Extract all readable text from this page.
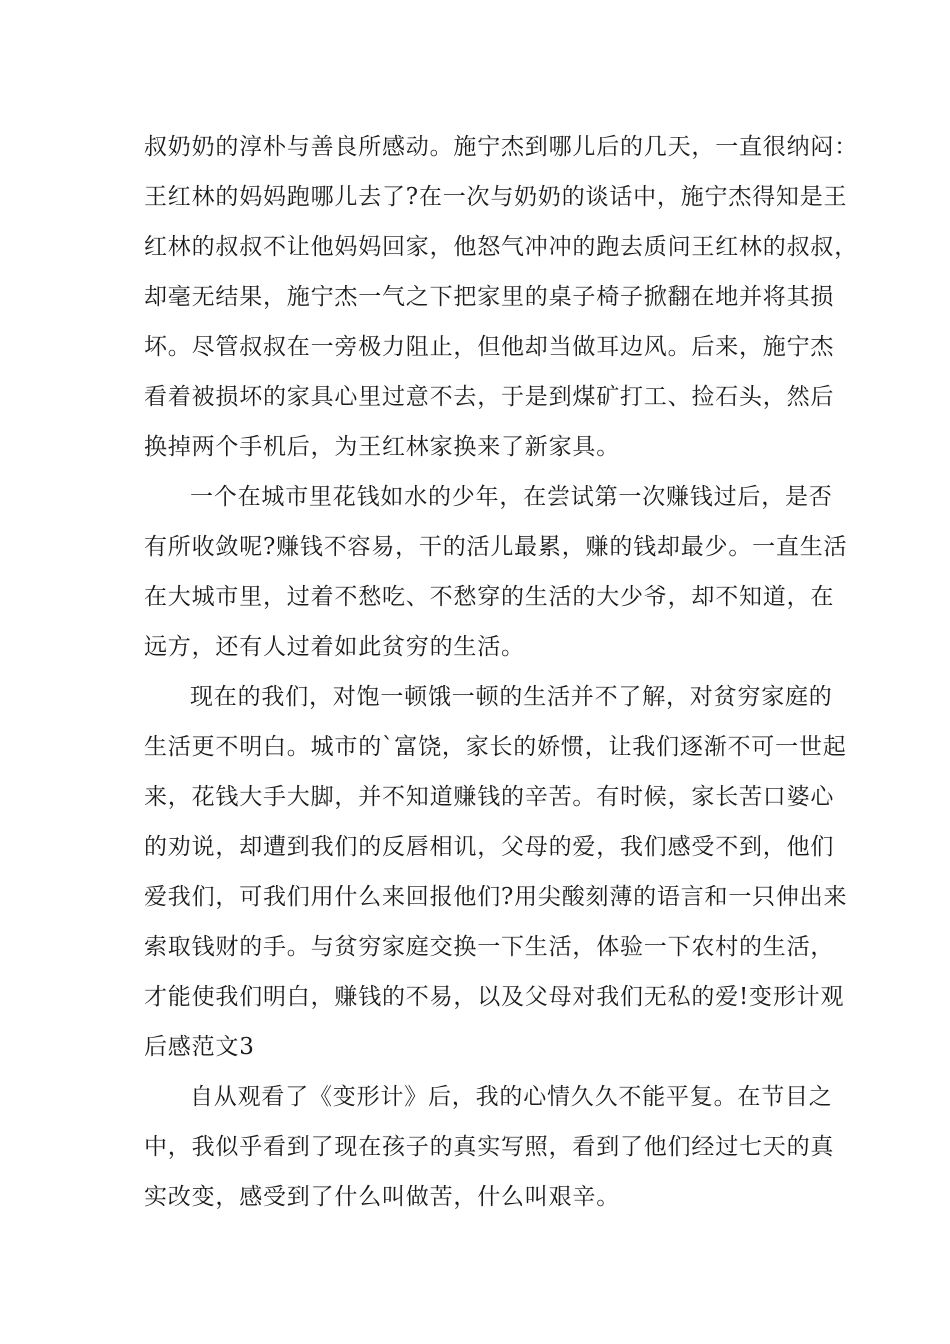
叔奶奶的淳朴与善良所感动。施宁杰到哪儿后的几天，一直很纳闷：
王红林的妈妈跑哪儿去了?在一次与奶奶的谈话中，施宁杰得知是王
红林的叔叔不让他妈妈回家，他怒气冲冲的跑去质问王红林的叔叔，
却毫无结果，施宁杰一气之下把家里的桌子椅子掀翻在地并将其损
坏。尽管叔叔在一旁极力阻止，但他却当做耳边风。后来，施宁杰
看着被损坏的家具心里过意不去，于是到煤矿打工、捡石头，然后
换掉两个手机后，为王红林家换来了新家具。
一个在城市里花钱如水的少年，在尝试第一次赚钱过后，是否
有所收敛呢?赚钱不容易，干的活儿最累，赚的钱却最少。一直生活
在大城市里，过着不愁吃、不愁穿的生活的大少爷，却不知道，在
远方，还有人过着如此贫穷的生活。
现在的我们，对饱一顿饿一顿的生活并不了解，对贫穷家庭的
生活更不明白。城市的`富饶，家长的娇惯，让我们逐渐不可一世起
来，花钱大手大脚，并不知道赚钱的辛苦。有时候，家长苦口婆心
的劝说，却遭到我们的反唇相讥，父母的爱，我们感受不到，他们
爱我们，可我们用什么来回报他们?用尖酸刻薄的语言和一只伸出来
索取钱财的手。与贫穷家庭交换一下生活，体验一下农村的生活，
才能使我们明白，赚钱的不易，以及父母对我们无私的爱!变形计观
后感范文3
自从观看了《变形计》后，我的心情久久不能平复。在节目之
中，我似乎看到了现在孩子的真实写照，看到了他们经过七天的真
实改变，感受到了什么叫做苦，什么叫艰辛。
